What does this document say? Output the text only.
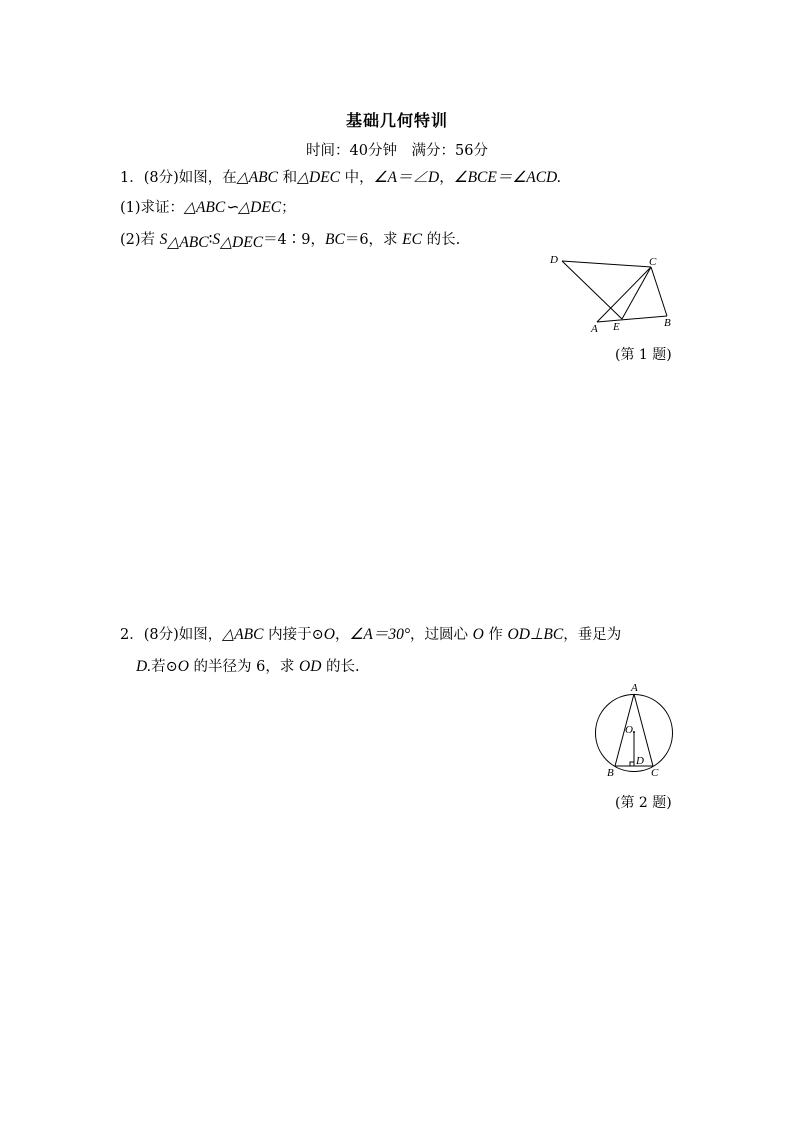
基础几何特训
时间：40分钟　满分：56分
1．(8分)如图，在△ABC 和△DEC 中，∠A＝∠D，∠BCE＝∠ACD.
(1)求证：△ABC∽△DEC；
(2)若 $S_{\triangle ABC}∶S_{\triangle DEC}=4∶9$，BC＝6，求 EC 的长.
D	C
A E	B
A
O
D
B	C
(第 1 题)
2．(8分)如图，△ABC 内接于⊙O，∠A＝30°，过圆心 O 作 OD⊥BC，垂足为
D.若⊙O 的半径为 6，求 OD 的长.
(第 2 题)
